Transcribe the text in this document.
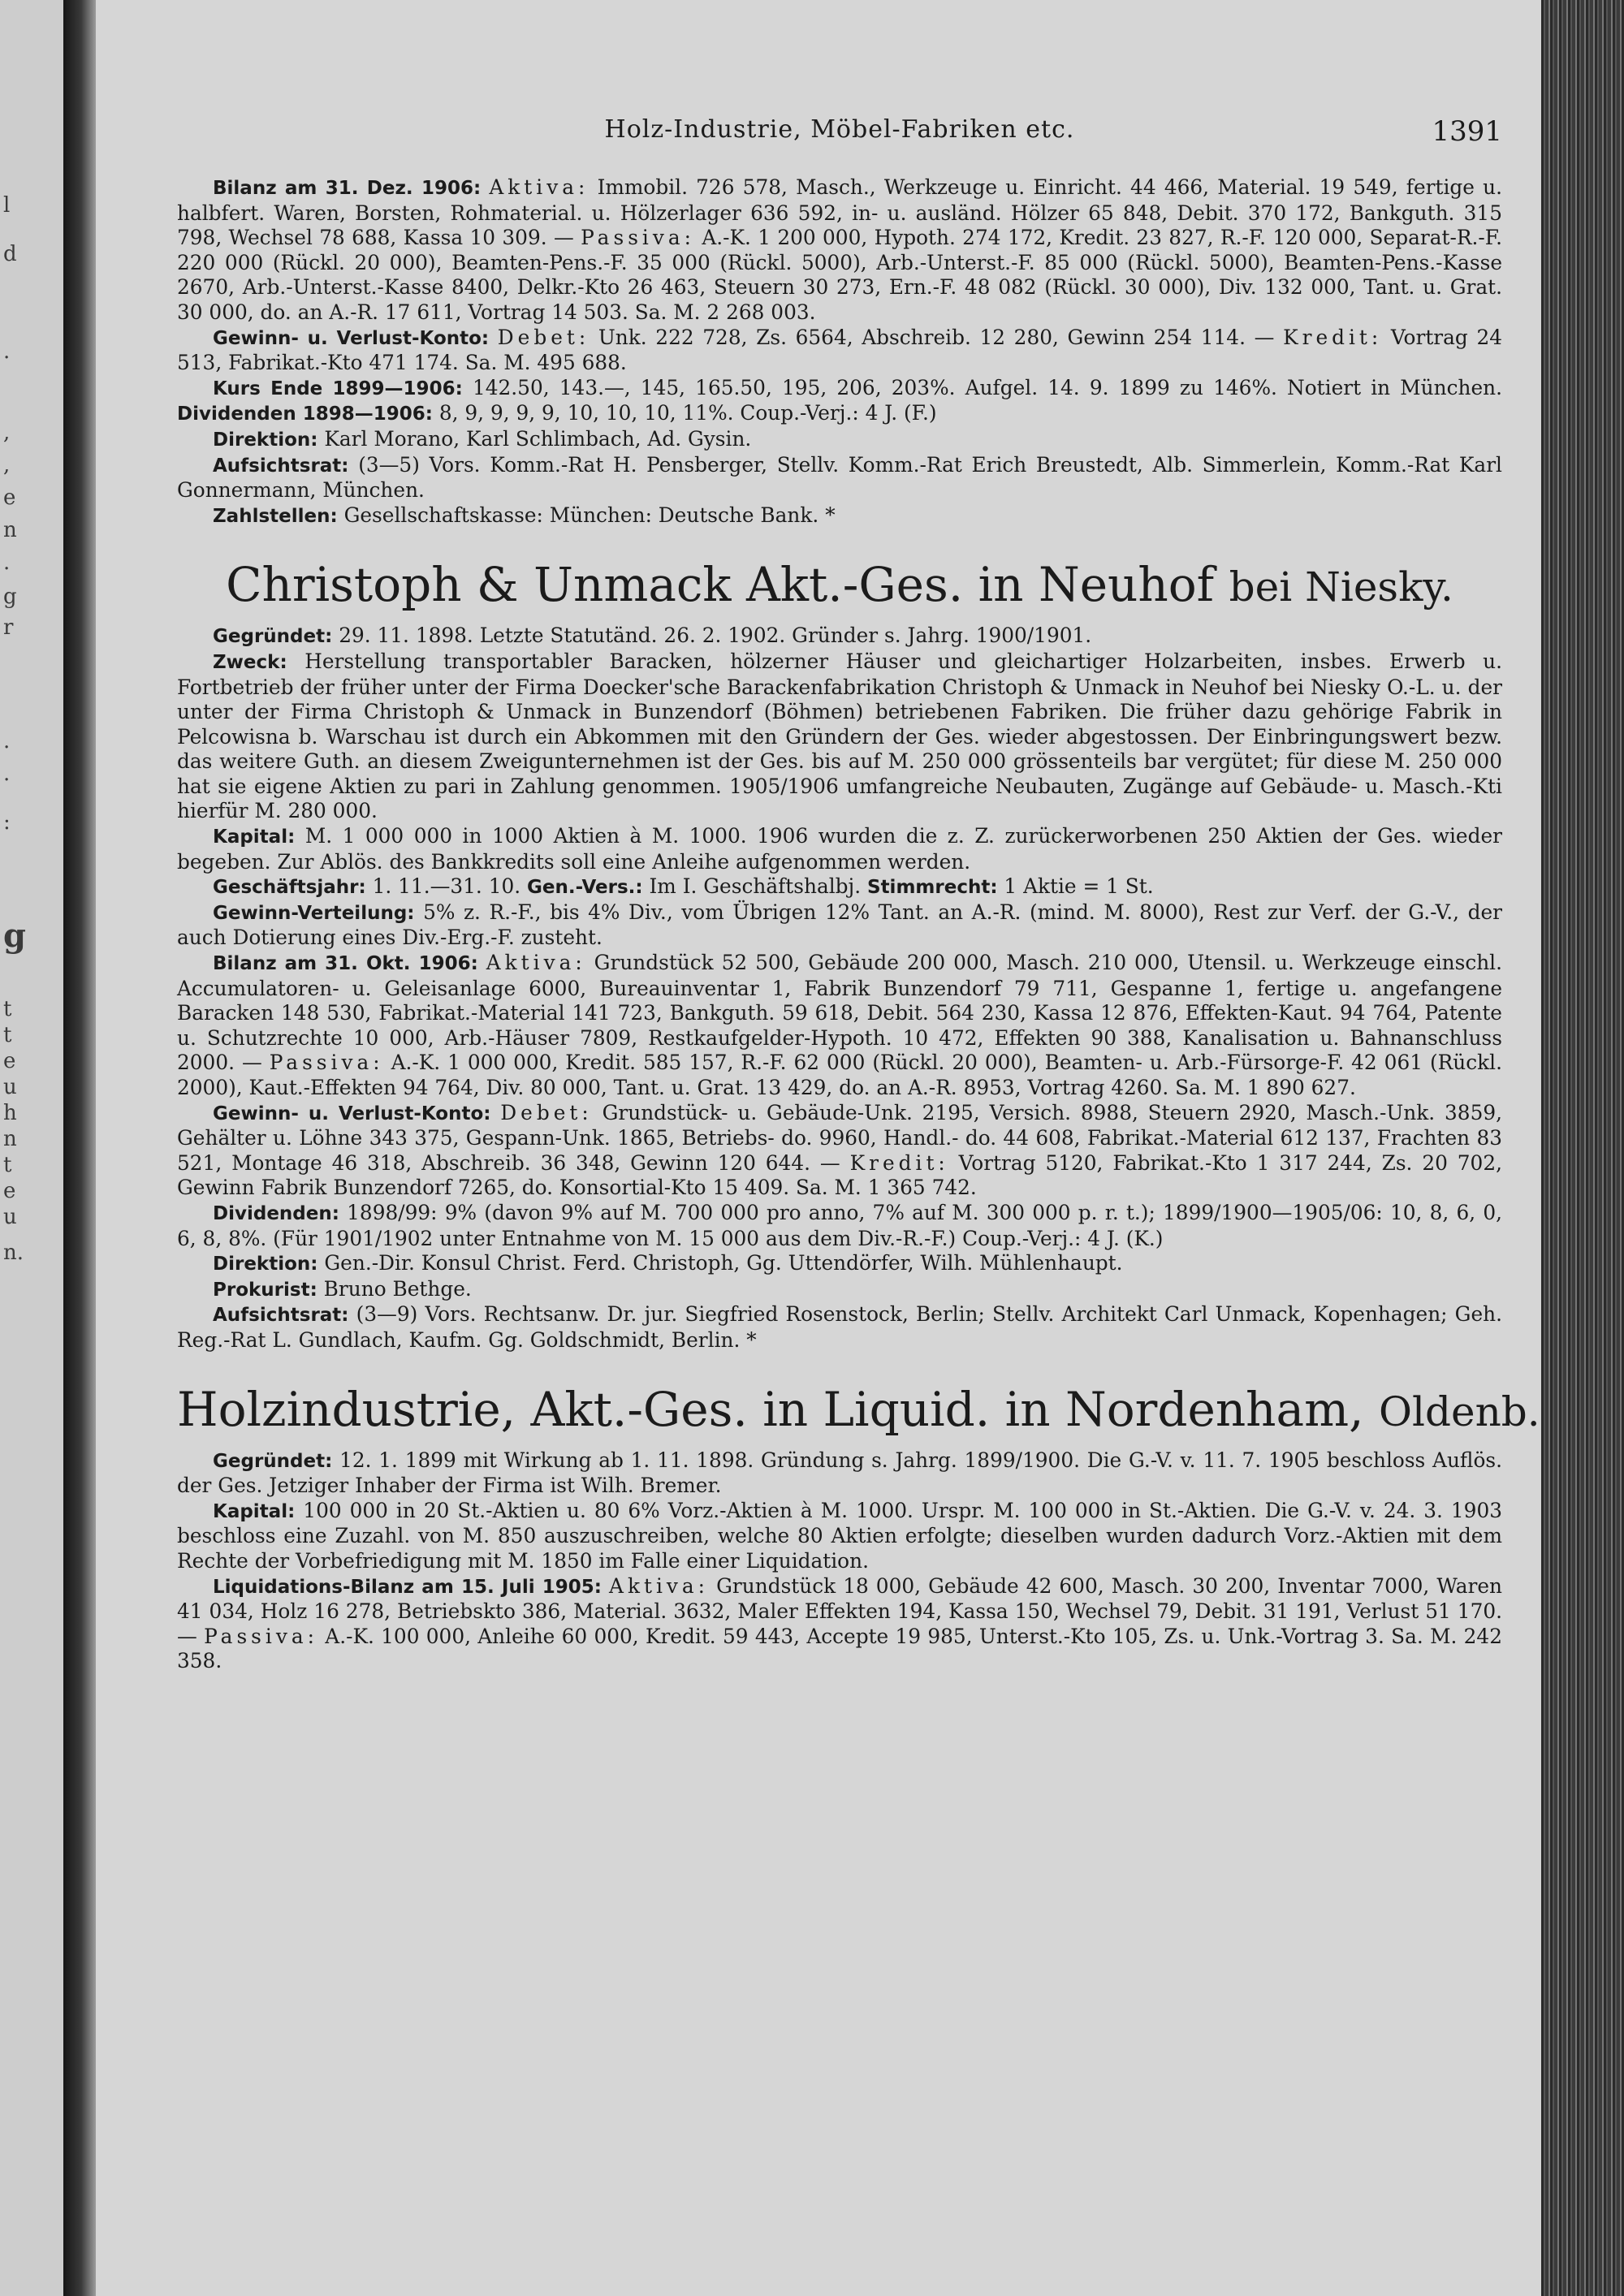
l
d
.
,
,
e
n
.
g
r
.
.
:
g
t
t
e
u
h
n
t
e
u
n.
Holz-Industrie, Möbel-Fabriken etc.	1391

Bilanz am 31. Dez. 1906: Aktiva: Immobil. 726 578, Masch., Werkzeuge u. Einricht. 44 466, Material. 19 549, fertige u. halbfert. Waren, Borsten, Rohmaterial. u. Hölzerlager 636 592, in- u. ausländ. Hölzer 65 848, Debit. 370 172, Bankguth. 315 798, Wechsel 78 688, Kassa 10 309. — Passiva: A.-K. 1 200 000, Hypoth. 274 172, Kredit. 23 827, R.-F. 120 000, Separat-R.-F. 220 000 (Rückl. 20 000), Beamten-Pens.-F. 35 000 (Rückl. 5000), Arb.-Unterst.-F. 85 000 (Rückl. 5000), Beamten-Pens.-Kasse 2670, Arb.-Unterst.-Kasse 8400, Delkr.-Kto 26 463, Steuern 30 273, Ern.-F. 48 082 (Rückl. 30 000), Div. 132 000, Tant. u. Grat. 30 000, do. an A.-R. 17 611, Vortrag 14 503. Sa. M. 2 268 003.

Gewinn- u. Verlust-Konto: Debet: Unk. 222 728, Zs. 6564, Abschreib. 12 280, Gewinn 254 114. — Kredit: Vortrag 24 513, Fabrikat.-Kto 471 174. Sa. M. 495 688.

Kurs Ende 1899—1906: 142.50, 143.—, 145, 165.50, 195, 206, 203%. Aufgel. 14. 9. 1899 zu 146%. Notiert in München. Dividenden 1898—1906: 8, 9, 9, 9, 9, 10, 10, 10, 11%. Coup.-Verj.: 4 J. (F.)

Direktion: Karl Morano, Karl Schlimbach, Ad. Gysin.

Aufsichtsrat: (3—5) Vors. Komm.-Rat H. Pensberger, Stellv. Komm.-Rat Erich Breustedt, Alb. Simmerlein, Komm.-Rat Karl Gonnermann, München.

Zahlstellen: Gesellschaftskasse: München: Deutsche Bank. *

Christoph & Unmack Akt.-Ges. in Neuhof bei Niesky.

Gegründet: 29. 11. 1898. Letzte Statutänd. 26. 2. 1902. Gründer s. Jahrg. 1900/1901.

Zweck: Herstellung transportabler Baracken, hölzerner Häuser und gleichartiger Holzarbeiten, insbes. Erwerb u. Fortbetrieb der früher unter der Firma Doecker'sche Barackenfabrikation Christoph & Unmack in Neuhof bei Niesky O.-L. u. der unter der Firma Christoph & Unmack in Bunzendorf (Böhmen) betriebenen Fabriken. Die früher dazu gehörige Fabrik in Pelcowisna b. Warschau ist durch ein Abkommen mit den Gründern der Ges. wieder abgestossen. Der Einbringungswert bezw. das weitere Guth. an diesem Zweigunternehmen ist der Ges. bis auf M. 250 000 grössenteils bar vergütet; für diese M. 250 000 hat sie eigene Aktien zu pari in Zahlung genommen. 1905/1906 umfangreiche Neubauten, Zugänge auf Gebäude- u. Masch.-Kti hierfür M. 280 000.

Kapital: M. 1 000 000 in 1000 Aktien à M. 1000. 1906 wurden die z. Z. zurückerworbenen 250 Aktien der Ges. wieder begeben. Zur Ablös. des Bankkredits soll eine Anleihe aufgenommen werden.

Geschäftsjahr: 1. 11.—31. 10. Gen.-Vers.: Im I. Geschäftshalbj. Stimmrecht: 1 Aktie = 1 St.

Gewinn-Verteilung: 5% z. R.-F., bis 4% Div., vom Übrigen 12% Tant. an A.-R. (mind. M. 8000), Rest zur Verf. der G.-V., der auch Dotierung eines Div.-Erg.-F. zusteht.

Bilanz am 31. Okt. 1906: Aktiva: Grundstück 52 500, Gebäude 200 000, Masch. 210 000, Utensil. u. Werkzeuge einschl. Accumulatoren- u. Geleisanlage 6000, Bureauinventar 1, Fabrik Bunzendorf 79 711, Gespanne 1, fertige u. angefangene Baracken 148 530, Fabrikat.-Material 141 723, Bankguth. 59 618, Debit. 564 230, Kassa 12 876, Effekten-Kaut. 94 764, Patente u. Schutzrechte 10 000, Arb.-Häuser 7809, Restkaufgelder-Hypoth. 10 472, Effekten 90 388, Kanalisation u. Bahnanschluss 2000. — Passiva: A.-K. 1 000 000, Kredit. 585 157, R.-F. 62 000 (Rückl. 20 000), Beamten- u. Arb.-Fürsorge-F. 42 061 (Rückl. 2000), Kaut.-Effekten 94 764, Div. 80 000, Tant. u. Grat. 13 429, do. an A.-R. 8953, Vortrag 4260. Sa. M. 1 890 627.

Gewinn- u. Verlust-Konto: Debet: Grundstück- u. Gebäude-Unk. 2195, Versich. 8988, Steuern 2920, Masch.-Unk. 3859, Gehälter u. Löhne 343 375, Gespann-Unk. 1865, Betriebs- do. 9960, Handl.- do. 44 608, Fabrikat.-Material 612 137, Frachten 83 521, Montage 46 318, Abschreib. 36 348, Gewinn 120 644. — Kredit: Vortrag 5120, Fabrikat.-Kto 1 317 244, Zs. 20 702, Gewinn Fabrik Bunzendorf 7265, do. Konsortial-Kto 15 409. Sa. M. 1 365 742.

Dividenden: 1898/99: 9% (davon 9% auf M. 700 000 pro anno, 7% auf M. 300 000 p. r. t.); 1899/1900—1905/06: 10, 8, 6, 0, 6, 8, 8%. (Für 1901/1902 unter Entnahme von M. 15 000 aus dem Div.-R.-F.) Coup.-Verj.: 4 J. (K.)

Direktion: Gen.-Dir. Konsul Christ. Ferd. Christoph, Gg. Uttendörfer, Wilh. Mühlenhaupt.

Prokurist: Bruno Bethge.

Aufsichtsrat: (3—9) Vors. Rechtsanw. Dr. jur. Siegfried Rosenstock, Berlin; Stellv. Architekt Carl Unmack, Kopenhagen; Geh. Reg.-Rat L. Gundlach, Kaufm. Gg. Goldschmidt, Berlin. *

Holzindustrie, Akt.-Ges. in Liquid. in Nordenham, Oldenb.

Gegründet: 12. 1. 1899 mit Wirkung ab 1. 11. 1898. Gründung s. Jahrg. 1899/1900. Die G.-V. v. 11. 7. 1905 beschloss Auflös. der Ges. Jetziger Inhaber der Firma ist Wilh. Bremer.

Kapital: 100 000 in 20 St.-Aktien u. 80 6% Vorz.-Aktien à M. 1000. Urspr. M. 100 000 in St.-Aktien. Die G.-V. v. 24. 3. 1903 beschloss eine Zuzahl. von M. 850 auszuschreiben, welche 80 Aktien erfolgte; dieselben wurden dadurch Vorz.-Aktien mit dem Rechte der Vorbefriedigung mit M. 1850 im Falle einer Liquidation.

Liquidations-Bilanz am 15. Juli 1905: Aktiva: Grundstück 18 000, Gebäude 42 600, Masch. 30 200, Inventar 7000, Waren 41 034, Holz 16 278, Betriebskto 386, Material. 3632, Maler Effekten 194, Kassa 150, Wechsel 79, Debit. 31 191, Verlust 51 170. — Passiva: A.-K. 100 000, Anleihe 60 000, Kredit. 59 443, Accepte 19 985, Unterst.-Kto 105, Zs. u. Unk.-Vortrag 3. Sa. M. 242 358.
